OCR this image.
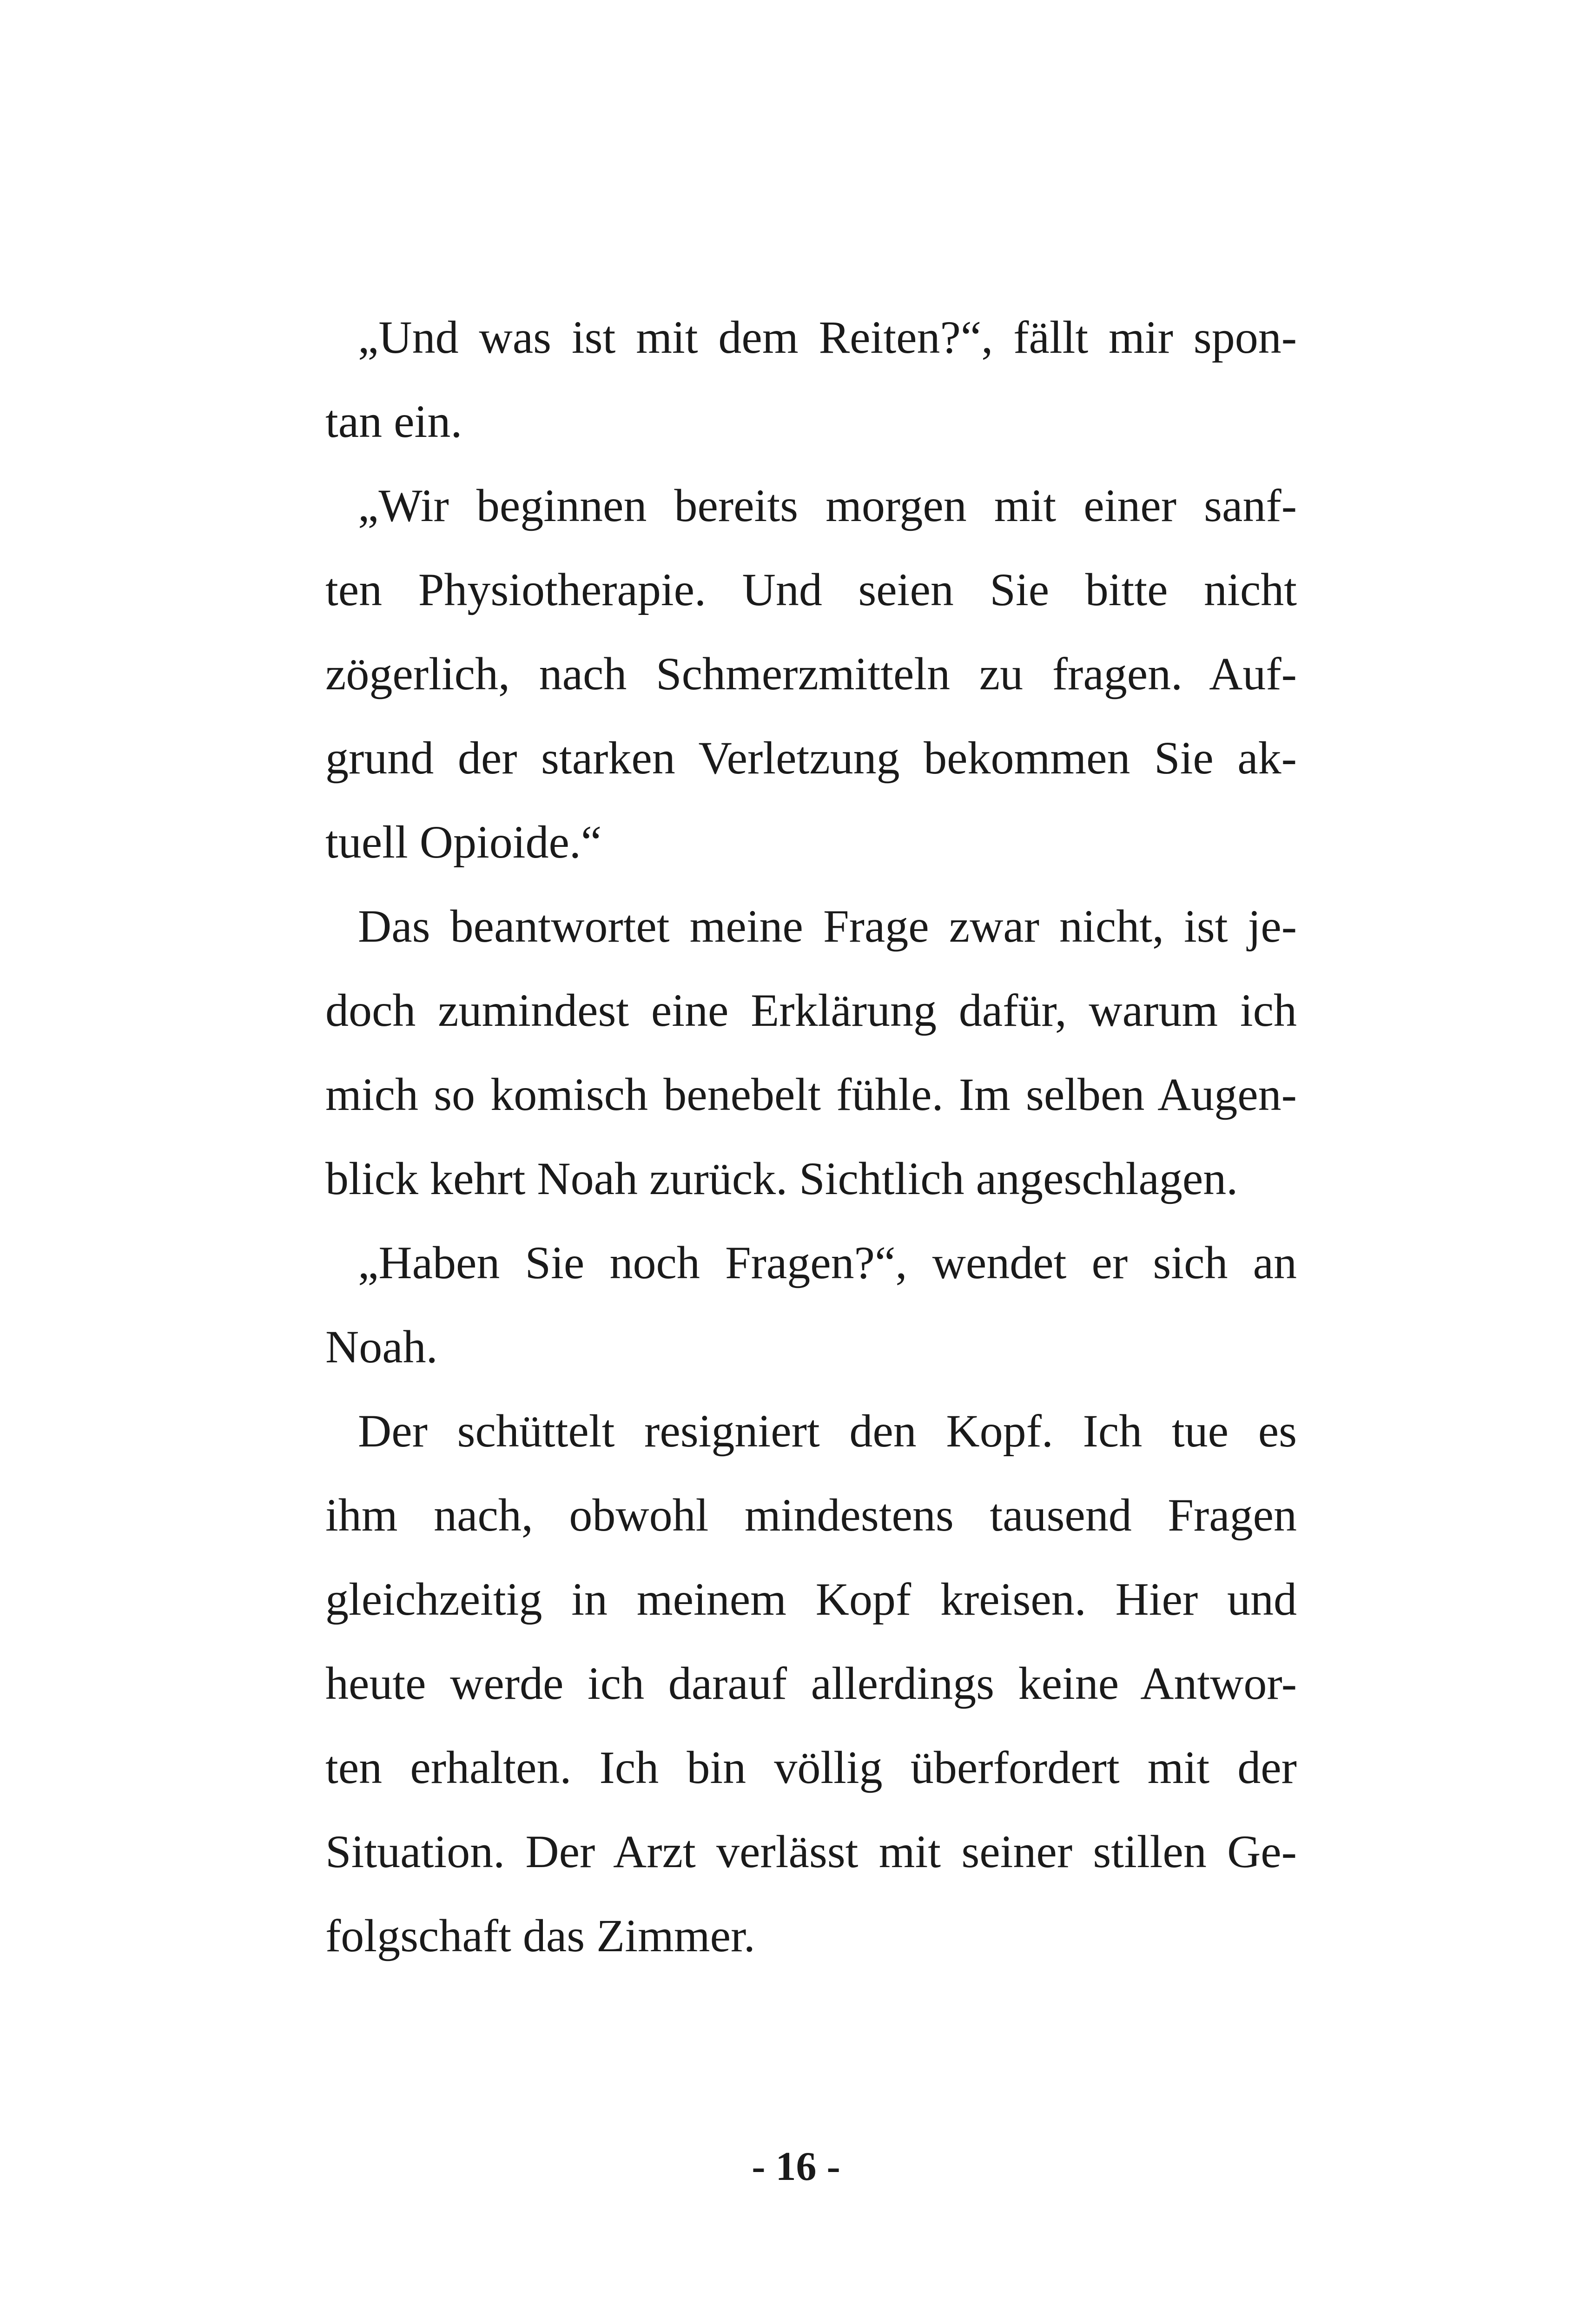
„Und was ist mit dem Reiten?“, fällt mir spon-
tan ein.
„Wir beginnen bereits morgen mit einer sanf-
ten Physiotherapie. Und seien Sie bitte nicht
zögerlich, nach Schmerzmitteln zu fragen. Auf-
grund der starken Verletzung bekommen Sie ak-
tuell Opioide.“
Das beantwortet meine Frage zwar nicht, ist je-
doch zumindest eine Erklärung dafür, warum ich
mich so komisch benebelt fühle. Im selben Augen-
blick kehrt Noah zurück. Sichtlich angeschlagen.
„Haben Sie noch Fragen?“, wendet er sich an
Noah.
Der schüttelt resigniert den Kopf. Ich tue es
ihm nach, obwohl mindestens tausend Fragen
gleichzeitig in meinem Kopf kreisen. Hier und
heute werde ich darauf allerdings keine Antwor-
ten erhalten. Ich bin völlig überfordert mit der
Situation. Der Arzt verlässt mit seiner stillen Ge-
folgschaft das Zimmer.
- 16 -
